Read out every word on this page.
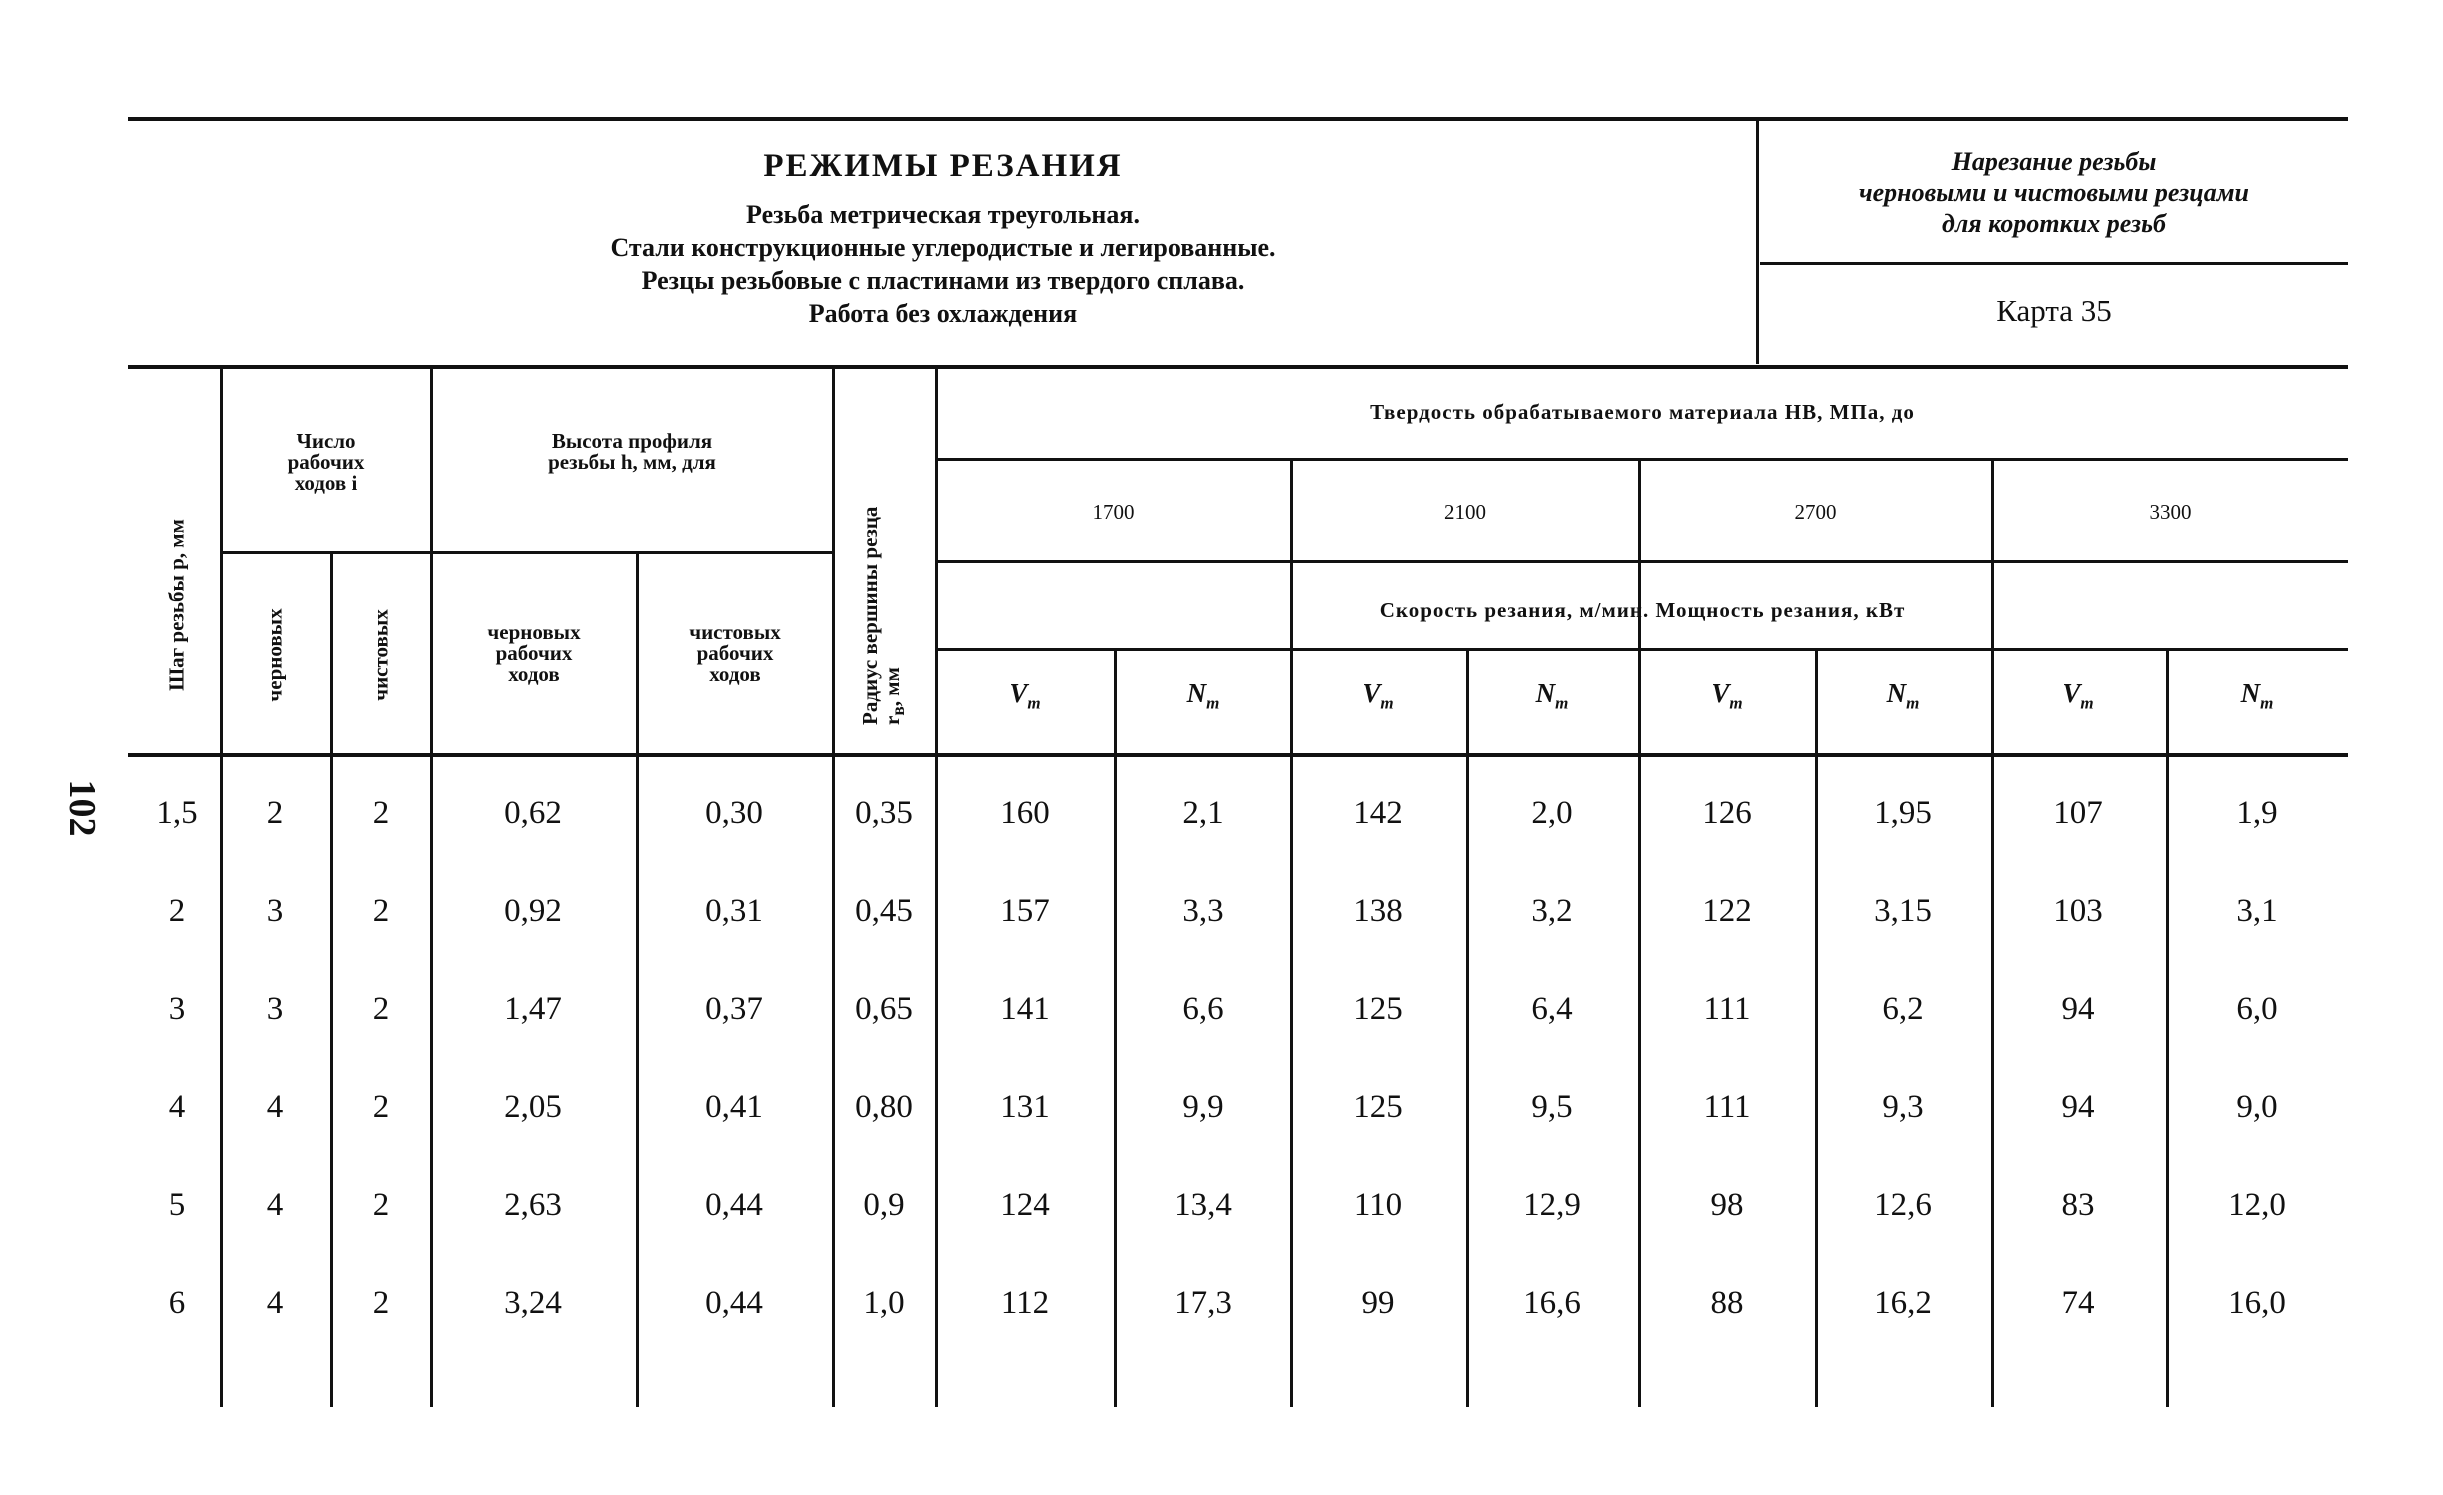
102
РЕЖИМЫ РЕЗАНИЯ
Резьба метрическая треугольная.
Стали конструкционные углеродистые и легированные.
Резцы резьбовые с пластинами из твердого сплава.
Работа без охлаждения
Нарезание резьбы
черновыми и чистовыми резцами
для коротких резьб
Карта 35
Шаг резьбы p, мм
Число рабочих ходов i
черновых	чистовых
Высота профиля резьбы h, мм, для
черновых рабочих ходов
чистовых рабочих ходов	Радиус вершины резца $r_в$, мм
Твердость обрабатываемого материала HB, МПа, до
1700	2100	2700	3300
Скорость резания, м/мин. Мощность резания, кВт
$V_т$	$N_т$	$V_т$	$N_т$	$V_т$	$N_т$	$V_т$	$N_т$
1,5	2	2	0,62	0,30	0,35	160	2,1	142	2,0	126	1,95	107	1,9
2	3	2	0,92	0,31	0,45	157	3,3	138	3,2	122	3,15	103	3,1
3	3	2	1,47	0,37	0,65	141	6,6	125	6,4	111	6,2	94	6,0
4	4	2	2,05	0,41	0,80	131	9,9	125	9,5	111	9,3	94	9,0
5	4	2	2,63	0,44	0,9	124	13,4	110	12,9	98	12,6	83	12,0
6	4	2	3,24	0,44	1,0	112	17,3	99	16,6	88	16,2	74	16,0
